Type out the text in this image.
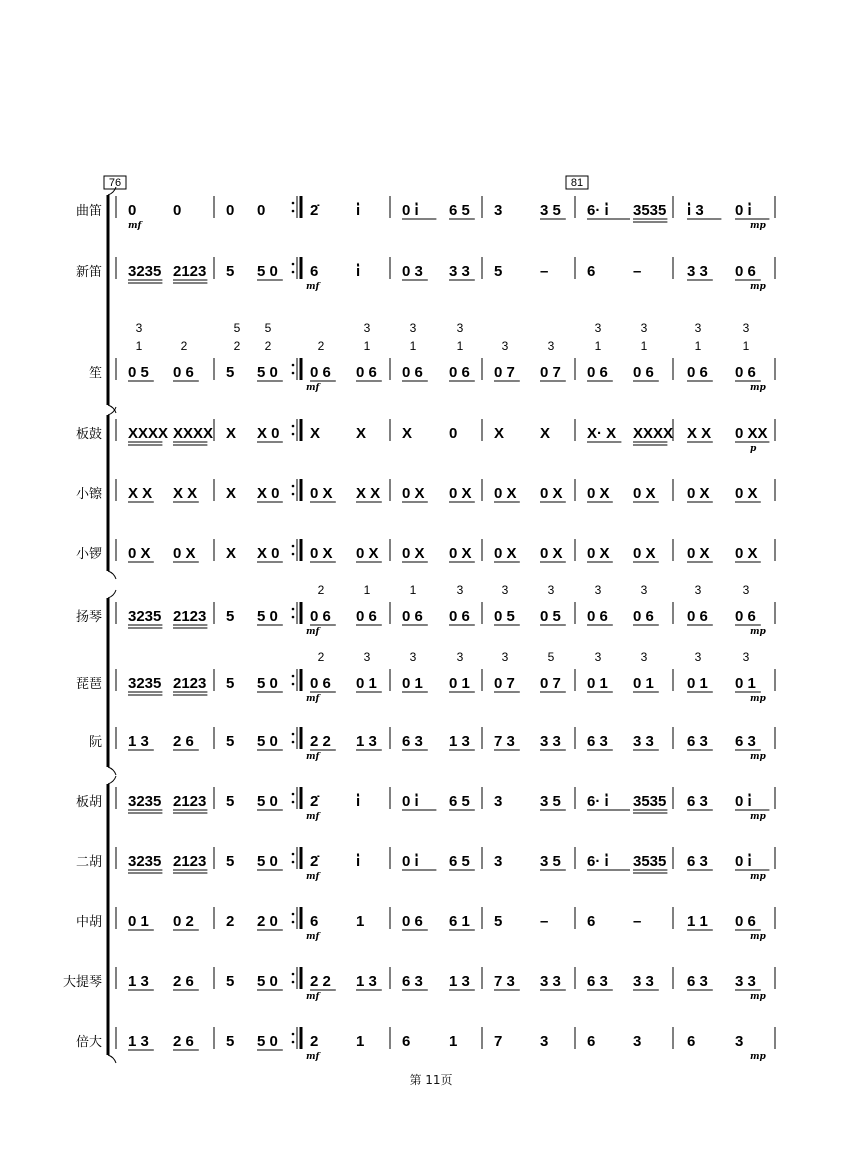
76	81
曲笛 0 0
mf
0 0	2̇	i̇	0 i̇ 6 5 3	3 5 6· i̇ 3535 i̇ 3 0 i̇
mp
新笛 3235 2123 5 5 0 6	i̇
mf
0 3 3 3 5	–	6	–	3 3 0 6
mp
笙 0 5 0 6
3
1	2
5 5 0
5
2
5
2
0 6 0 6
2
3
1
mf
0 6 0 6
3
1
3
1
0 7 0 7
3	3
0 6 0 6
3
1
3
1
0 6 0 6
3
1
3
1
mp
板鼓 XXXX XXXX X X 0 X X X 0 X X X· X XXXX X X 0 XX
p
小镲 X X X X X X 0 0 X X X 0 X 0 X 0 X 0 X 0 X 0 X 0 X 0 X
小锣 0 X 0 X X X 0 0 X 0 X 0 X 0 X 0 X 0 X 0 X 0 X 0 X 0 X
扬琴 3235 2123 5 5 0 0 6 0 6
2	1
mf
0 6 0 6
1	3
0 5 0 5
3	3
0 6 0 6
3	3
0 6 0 6
3	3
mp
琵琶 3235 2123 5 5 0 0 6 0 1
2	3
mf
0 1 0 1
3	3
0 7 0 7
3	5
0 1 0 1
3	3
0 1 0 1
3	3
mp
阮 1 3 2 6 5 5 0 2 2 1 3
mf
6 3 1 3 7 3 3 3 6 3 3 3 6 3 6 3
mp
板胡 3235 2123 5 5 0 2̇	i̇
mf
0 i̇ 6 5 3	3 5 6· i̇ 3535 6 3 0 i̇
mp
二胡 3235 2123 5 5 0 2̇	i̇
mf
0 i̇ 6 5 3	3 5 6· i̇ 3535 6 3 0 i̇
mp
中胡 0 1 0 2 2 2 0 6	1
mf
0 6 6 1 5	–	6	–	1 1 0 6
mp
大提琴 1 3 2 6 5 5 0 2 2 1 3
mf
6 3 1 3 7 3 3 3 6 3 3 3 6 3 3 3
mp
倍大 1 3 2 6 5 5 0 2	1
mf
6	1 7	3	6	3	6	3
mp
第 11页
